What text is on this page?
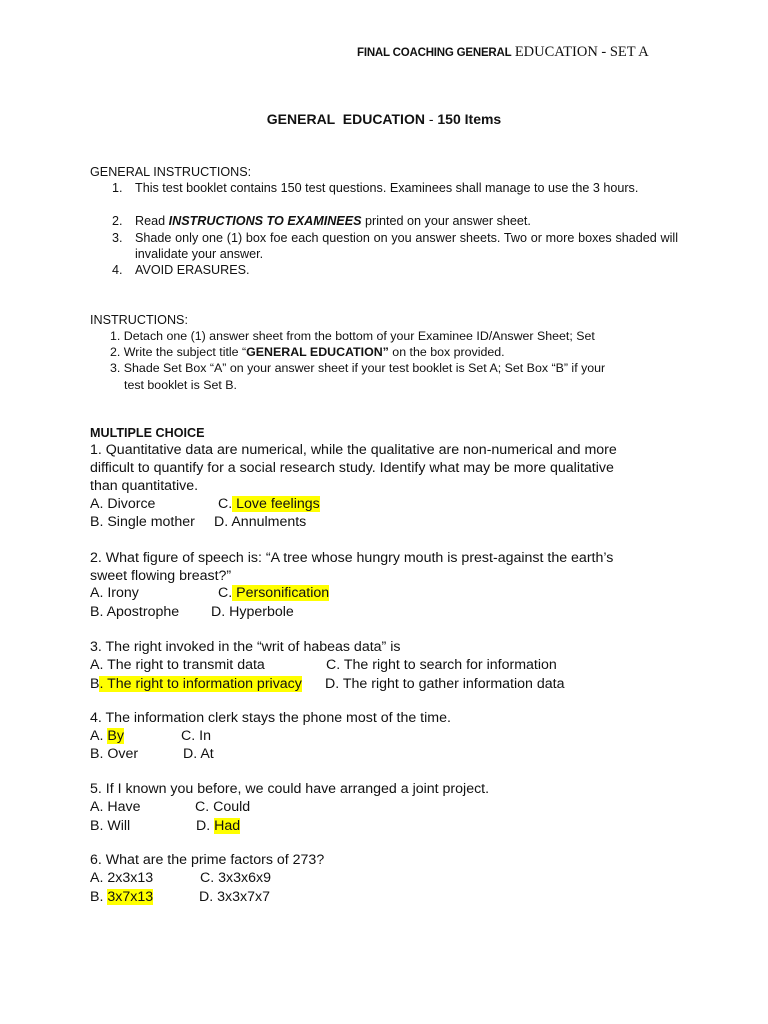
FINAL COACHING GENERAL EDUCATION - SET A
GENERAL  EDUCATION - 150 Items
GENERAL INSTRUCTIONS:
1. This test booklet contains 150 test questions. Examinees shall manage to use the 3 hours.
2. Read INSTRUCTIONS TO EXAMINEES printed on your answer sheet.
3. Shade only one (1) box foe each question on you answer sheets. Two or more boxes shaded will invalidate your answer.
4. AVOID ERASURES.
INSTRUCTIONS:
1. Detach one (1) answer sheet from the bottom of your Examinee ID/Answer Sheet; Set
2. Write the subject title “GENERAL EDUCATION” on the box provided.
3. Shade Set Box “A” on your answer sheet if your test booklet is Set A; Set Box “B” if your
test booklet is Set B.
MULTIPLE CHOICE
1. Quantitative data are numerical, while the qualitative are non-numerical and more
difficult to quantify for a social research study. Identify what may be more qualitative
than quantitative.
A. Divorce	C. Love feelings
B. Single mother D. Annulments
2. What figure of speech is: “A tree whose hungry mouth is prest-against the earth’s
sweet flowing breast?”
A. Irony	C. Personification
B. Apostrophe D. Hyperbole
3. The right invoked in the “writ of habeas data” is
A. The right to transmit data	C. The right to search for information
B. The right to information privacy D. The right to gather information data
4. The information clerk stays the phone most of the time.
A. By	C. In
B. Over	D. At
5. If I known you before, we could have arranged a joint project.
A. Have	C. Could
B. Will	D. Had
6. What are the prime factors of 273?
A. 2x3x13	C. 3x3x6x9
B. 3x7x13	D. 3x3x7x7
